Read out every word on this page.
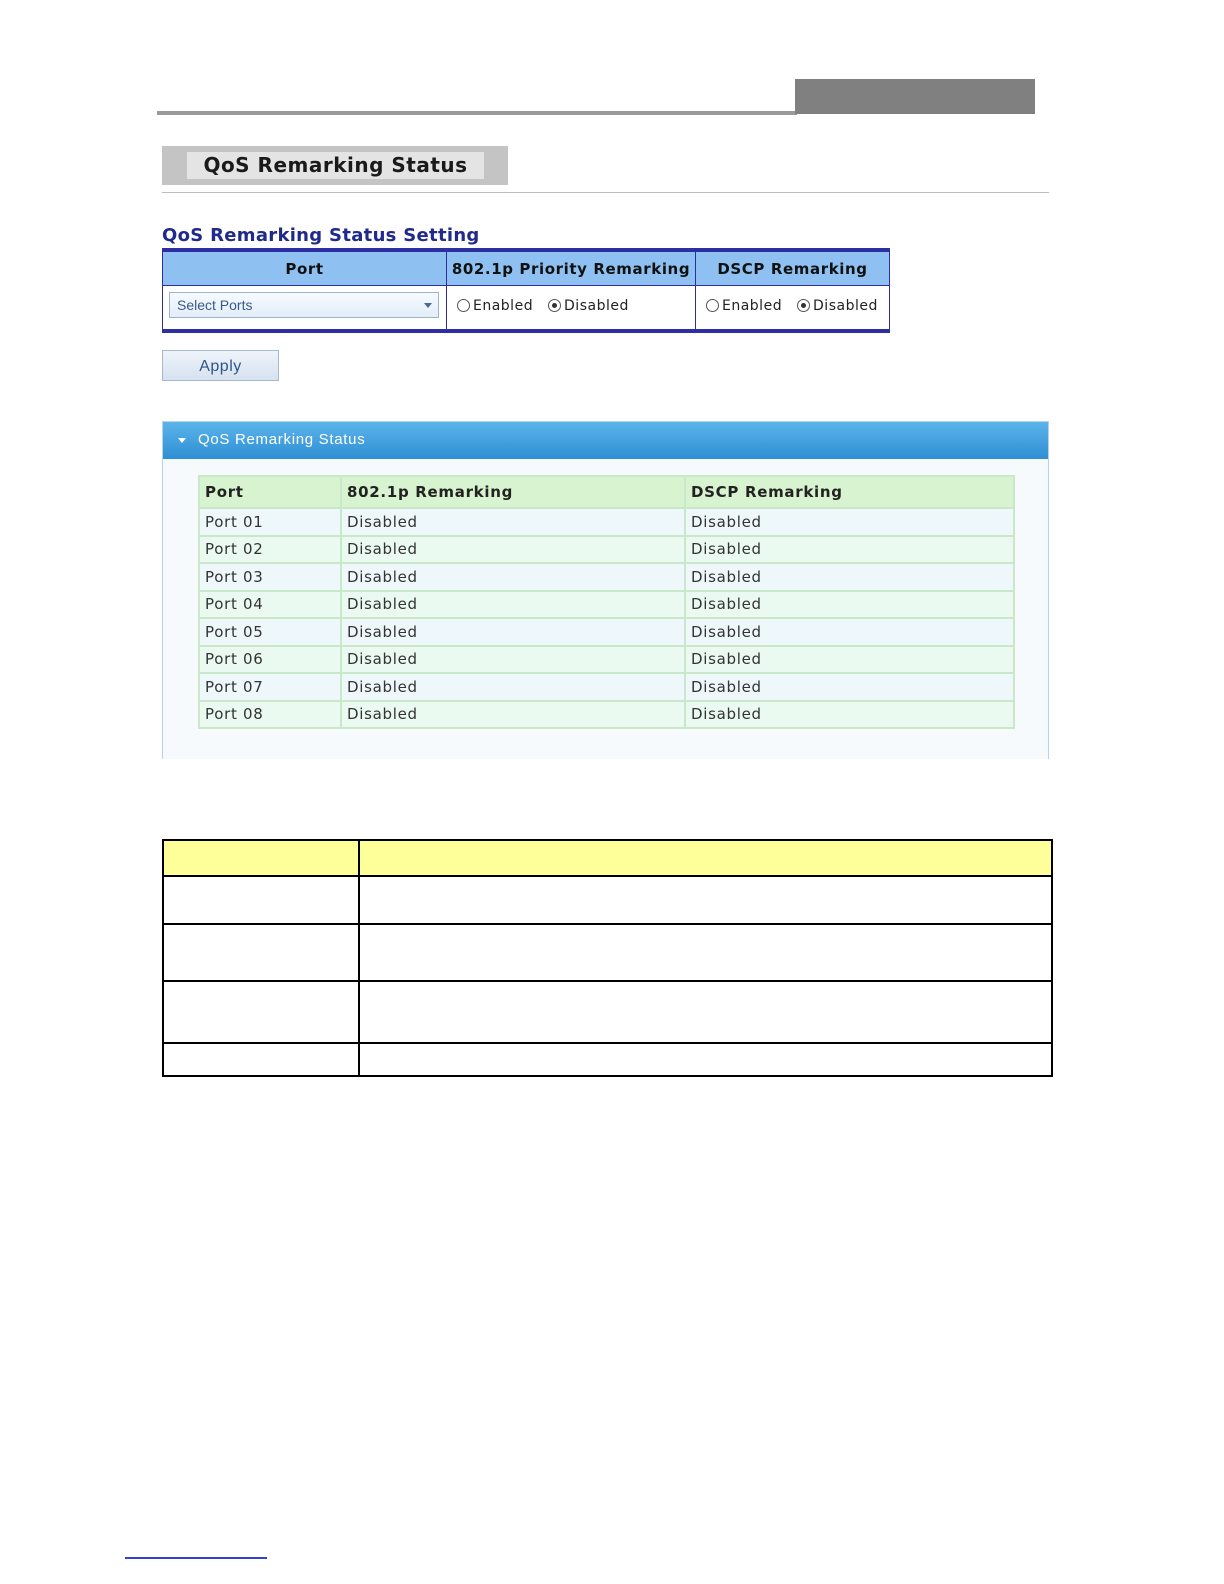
QoS Remarking Status
QoS Remarking Status Setting
Port	802.1p Priority Remarking	DSCP Remarking
Select Ports	Enabled Disabled	Enabled Disabled
Apply
QoS Remarking Status
Port	802.1p Remarking	DSCP Remarking
Port 01	Disabled	Disabled
Port 02	Disabled	Disabled
Port 03	Disabled	Disabled
Port 04	Disabled	Disabled
Port 05	Disabled	Disabled
Port 06	Disabled	Disabled
Port 07	Disabled	Disabled
Port 08	Disabled	Disabled
